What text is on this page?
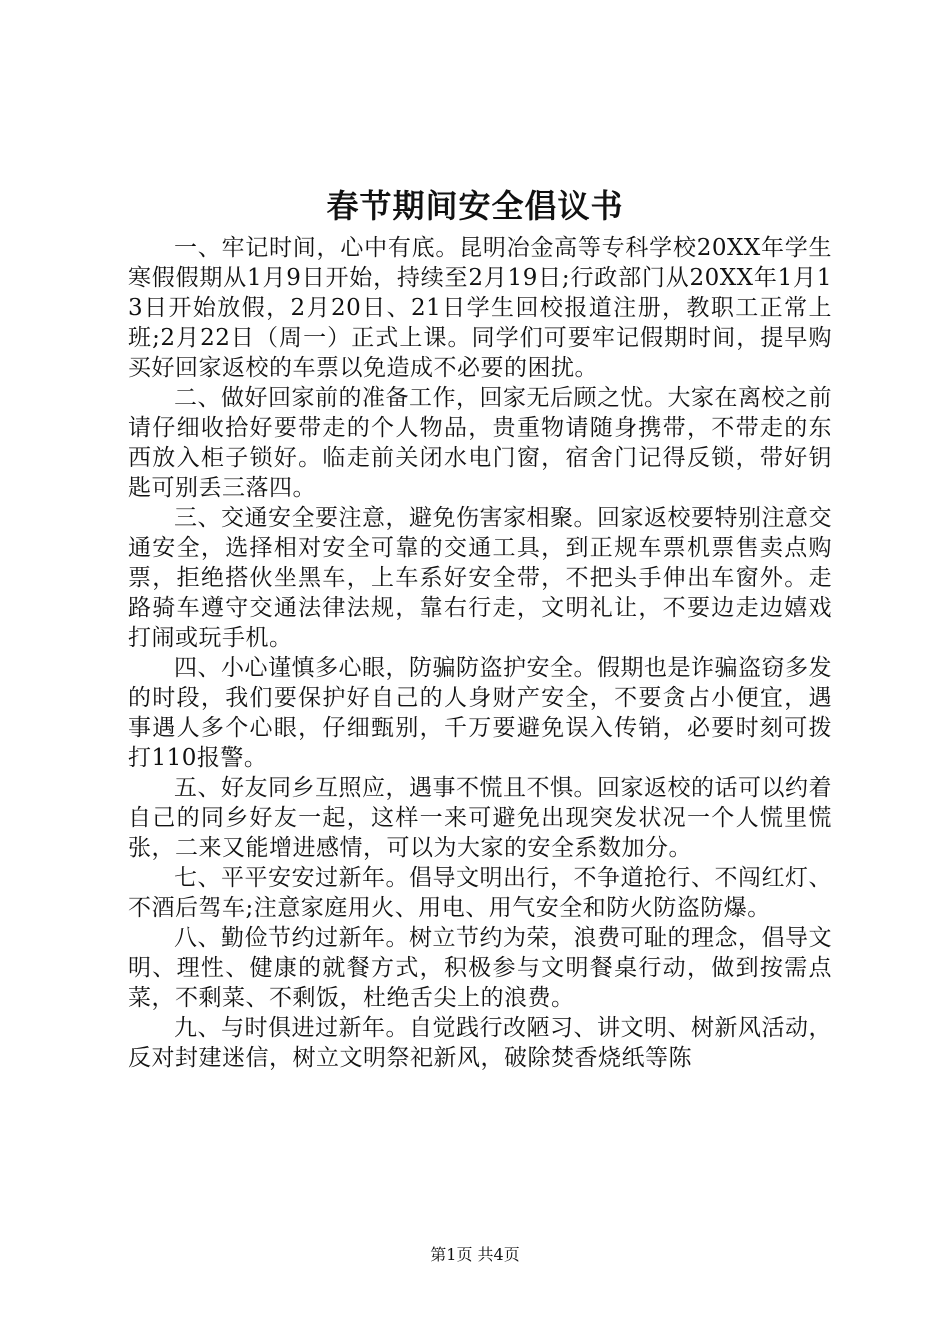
春节期间安全倡议书

一、牢记时间，心中有底。昆明冶金高等专科学校20XX年学生寒假假期从1月9日开始，持续至2月19日;行政部门从20XX年1月13日开始放假，2月20日、21日学生回校报道注册，教职工正常上班;2月22日（周一）正式上课。同学们可要牢记假期时间，提早购买好回家返校的车票以免造成不必要的困扰。

二、做好回家前的准备工作，回家无后顾之忧。大家在离校之前请仔细收拾好要带走的个人物品，贵重物请随身携带，不带走的东西放入柜子锁好。临走前关闭水电门窗，宿舍门记得反锁，带好钥匙可别丢三落四。

三、交通安全要注意，避免伤害家相聚。回家返校要特别注意交通安全，选择相对安全可靠的交通工具，到正规车票机票售卖点购票，拒绝搭伙坐黑车，上车系好安全带，不把头手伸出车窗外。走路骑车遵守交通法律法规，靠右行走，文明礼让，不要边走边嬉戏打闹或玩手机。

四、小心谨慎多心眼，防骗防盗护安全。假期也是诈骗盗窃多发的时段，我们要保护好自己的人身财产安全，不要贪占小便宜，遇事遇人多个心眼，仔细甄别，千万要避免误入传销，必要时刻可拨打110报警。

五、好友同乡互照应，遇事不慌且不惧。回家返校的话可以约着自己的同乡好友一起，这样一来可避免出现突发状况一个人慌里慌张，二来又能增进感情，可以为大家的安全系数加分。

七、平平安安过新年。倡导文明出行，不争道抢行、不闯红灯、不酒后驾车;注意家庭用火、用电、用气安全和防火防盗防爆。

八、勤俭节约过新年。树立节约为荣，浪费可耻的理念，倡导文明、理性、健康的就餐方式，积极参与文明餐桌行动，做到按需点菜，不剩菜、不剩饭，杜绝舌尖上的浪费。

九、与时俱进过新年。自觉践行改陋习、讲文明、树新风活动，反对封建迷信，树立文明祭祀新风，破除焚香烧纸等陈

第1页 共4页
